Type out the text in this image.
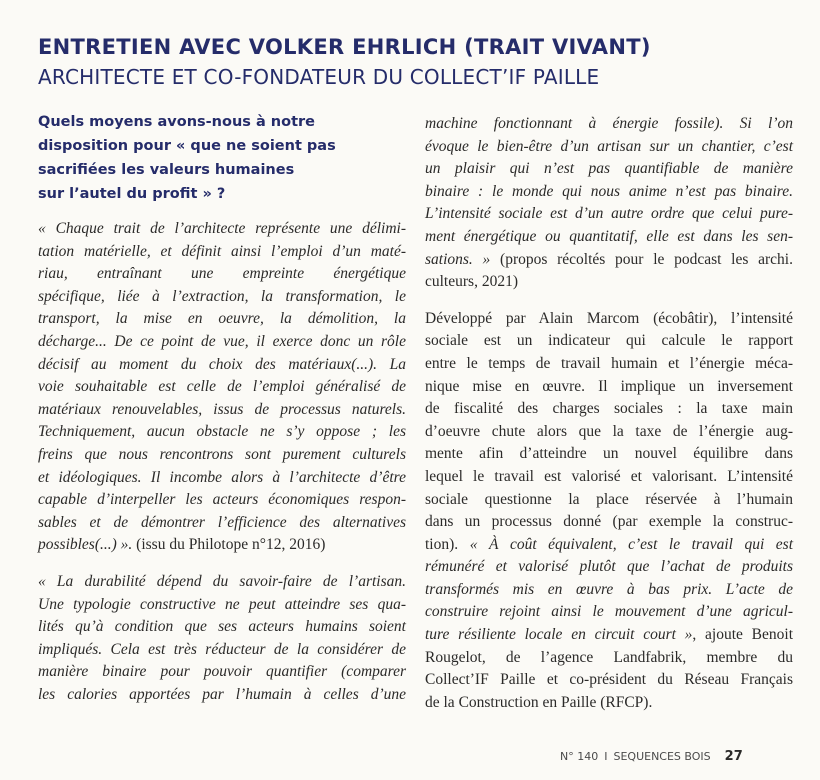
ENTRETIEN AVEC VOLKER EHRLICH (TRAIT VIVANT)
ARCHITECTE ET CO-FONDATEUR DU COLLECT’IF PAILLE
Quels moyens avons-nous à notre
disposition pour « que ne soient pas
sacrifiées les valeurs humaines
sur l’autel du profit » ?

« Chaque trait de l’architecte représente une délimi-
tation matérielle, et définit ainsi l’emploi d’un maté-
riau, entraînant une empreinte énergétique
spécifique, liée à l’extraction, la transformation, le
transport, la mise en oeuvre, la démolition, la
décharge... De ce point de vue, il exerce donc un rôle
décisif au moment du choix des matériaux(...). La
voie souhaitable est celle de l’emploi généralisé de
matériaux renouvelables, issus de processus naturels.
Techniquement, aucun obstacle ne s’y oppose ; les
freins que nous rencontrons sont purement culturels
et idéologiques. Il incombe alors à l’architecte d’être
capable d’interpeller les acteurs économiques respon-
sables et de démontrer l’efficience des alternatives
possibles(...) ». (issu du Philotope n°12, 2016)

« La durabilité dépend du savoir-faire de l’artisan.
Une typologie constructive ne peut atteindre ses qua-
lités qu’à condition que ses acteurs humains soient
impliqués. Cela est très réducteur de la considérer de
manière binaire pour pouvoir quantifier (comparer
les calories apportées par l’humain à celles d’une

machine fonctionnant à énergie fossile). Si l’on
évoque le bien-être d’un artisan sur un chantier, c’est
un plaisir qui n’est pas quantifiable de manière
binaire : le monde qui nous anime n’est pas binaire.
L’intensité sociale est d’un autre ordre que celui pure-
ment énergétique ou quantitatif, elle est dans les sen-
sations. » (propos récoltés pour le podcast les archi.
culteurs, 2021)

Développé par Alain Marcom (écobâtir), l’intensité
sociale est un indicateur qui calcule le rapport
entre le temps de travail humain et l’énergie méca-
nique mise en œuvre. Il implique un inversement
de fiscalité des charges sociales : la taxe main
d’oeuvre chute alors que la taxe de l’énergie aug-
mente afin d’atteindre un nouvel équilibre dans
lequel le travail est valorisé et valorisant. L’intensité
sociale questionne la place réservée à l’humain
dans un processus donné (par exemple la construc-
tion). « À coût équivalent, c’est le travail qui est
rémunéré et valorisé plutôt que l’achat de produits
transformés mis en œuvre à bas prix. L’acte de
construire rejoint ainsi le mouvement d’une agricul-
ture résiliente locale en circuit court », ajoute Benoit
Rougelot, de l’agence Landfabrik, membre du
Collect’IF Paille et co-président du Réseau Français
de la Construction en Paille (RFCP).

N° 140 I SEQUENCES BOIS 27
